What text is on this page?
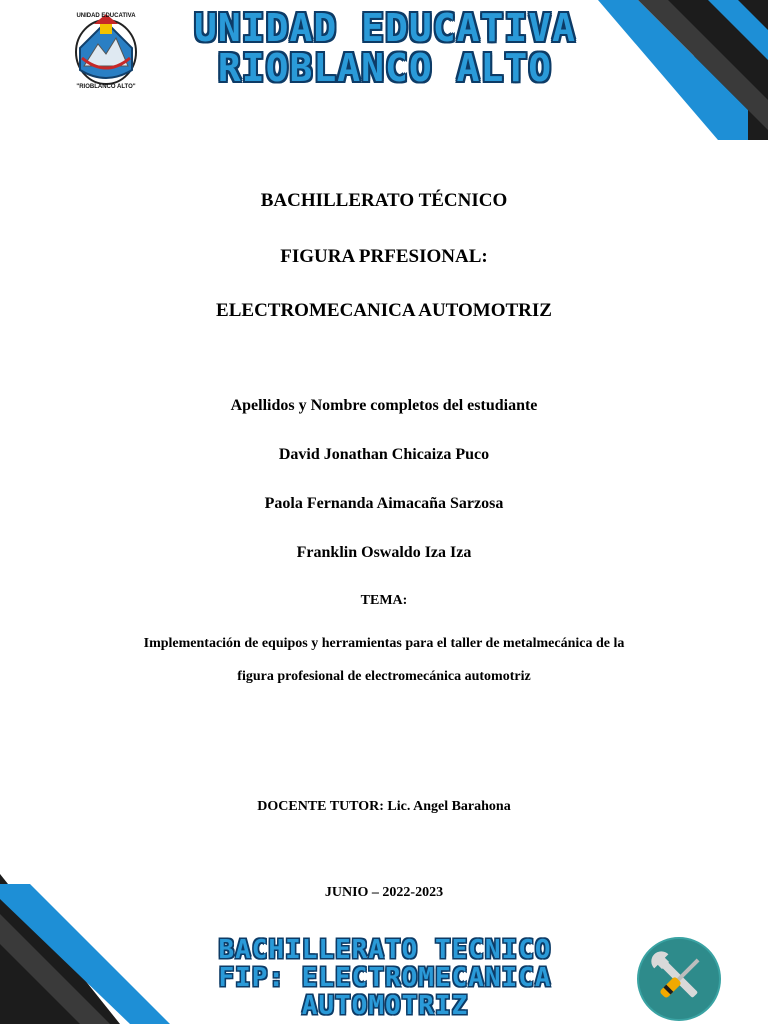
UNIDAD EDUCATIVA
"RIOBLANCO ALTO"
UNIDAD EDUCATIVA
RIOBLANCO ALTO
BACHILLERATO TÉCNICO
FIGURA PRFESIONAL:
ELECTROMECANICA AUTOMOTRIZ
Apellidos y Nombre completos del estudiante
David Jonathan Chicaiza Puco
Paola Fernanda Aimacaña Sarzosa
Franklin Oswaldo Iza Iza
TEMA:
Implementación de equipos y herramientas para el taller de metalmecánica de la
figura profesional de electromecánica automotriz
DOCENTE TUTOR: Lic. Angel Barahona
JUNIO – 2022-2023
BACHILLERATO TECNICO
FIP: ELECTROMECANICA
AUTOMOTRIZ
